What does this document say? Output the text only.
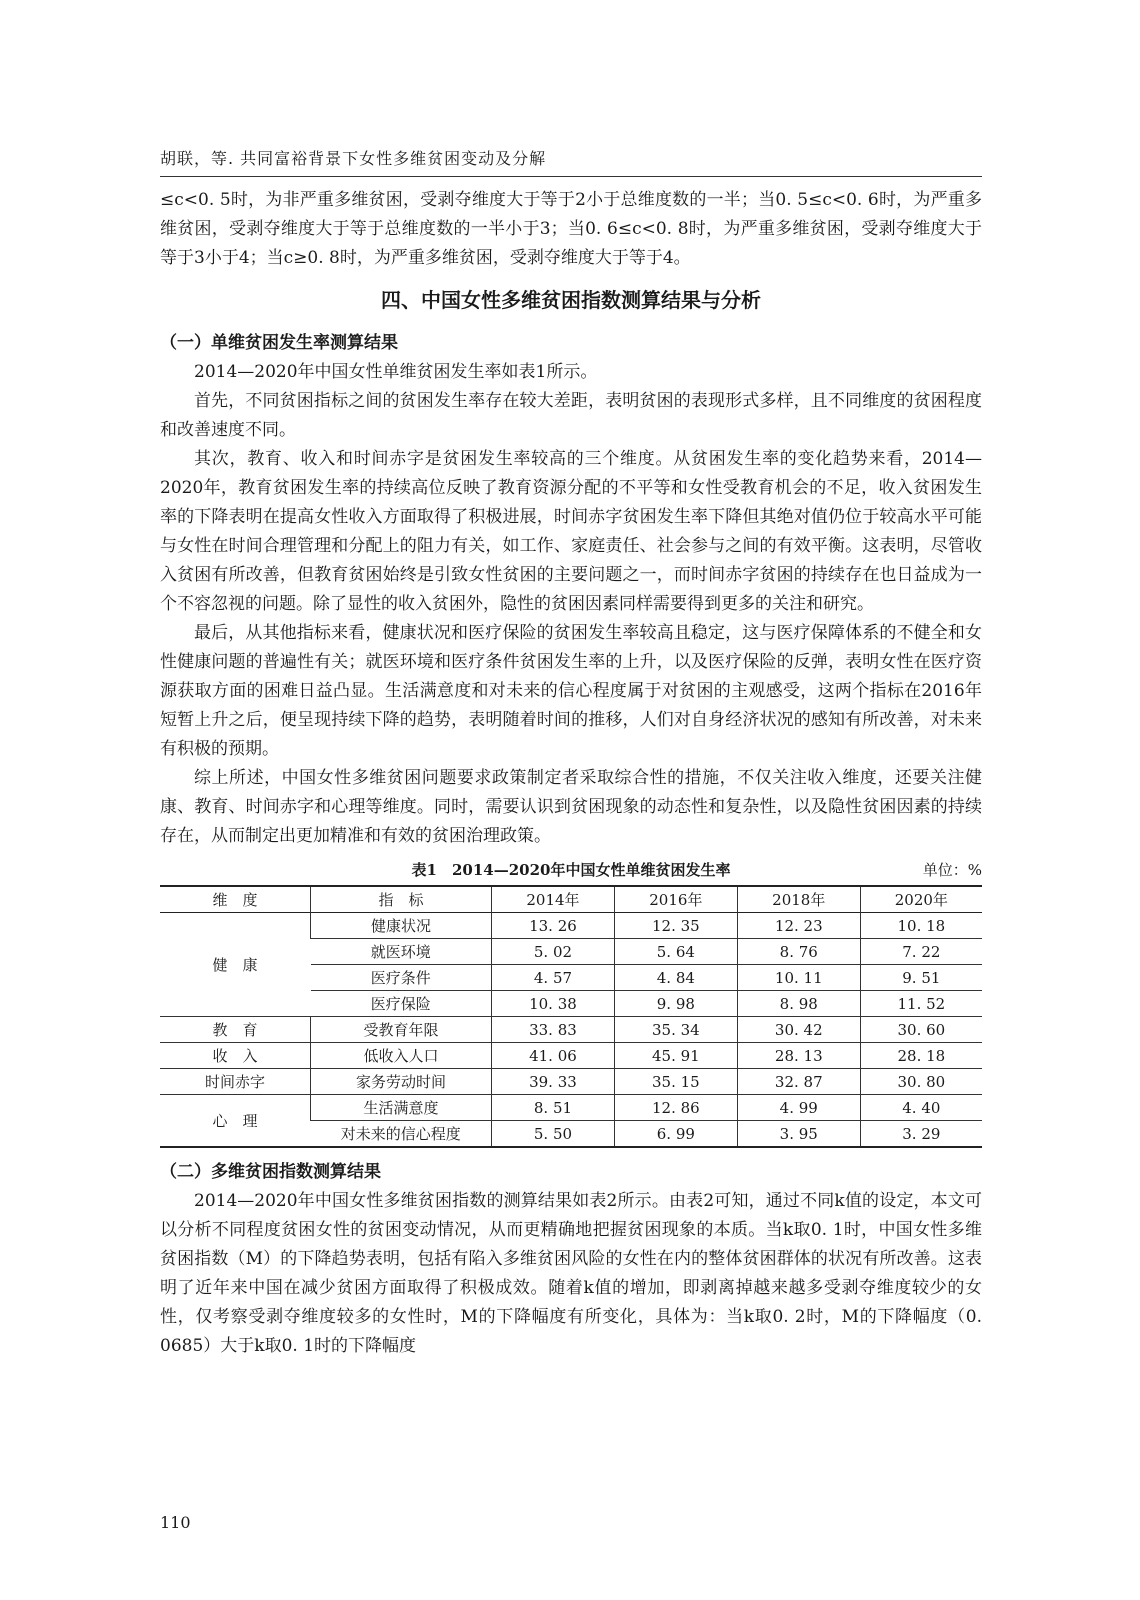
胡联，等. 共同富裕背景下女性多维贫困变动及分解

≤c<0. 5时，为非严重多维贫困，受剥夺维度大于等于2小于总维度数的一半；当0. 5≤c<0. 6时，为严重多维贫困，受剥夺维度大于等于总维度数的一半小于3；当0. 6≤c<0. 8时，为严重多维贫困，受剥夺维度大于等于3小于4；当c≥0. 8时，为严重多维贫困，受剥夺维度大于等于4。

四、中国女性多维贫困指数测算结果与分析
（一）单维贫困发生率测算结果

2014—2020年中国女性单维贫困发生率如表1所示。

首先，不同贫困指标之间的贫困发生率存在较大差距，表明贫困的表现形式多样，且不同维度的贫困程度和改善速度不同。

其次，教育、收入和时间赤字是贫困发生率较高的三个维度。从贫困发生率的变化趋势来看，2014—2020年，教育贫困发生率的持续高位反映了教育资源分配的不平等和女性受教育机会的不足，收入贫困发生率的下降表明在提高女性收入方面取得了积极进展，时间赤字贫困发生率下降但其绝对值仍位于较高水平可能与女性在时间合理管理和分配上的阻力有关，如工作、家庭责任、社会参与之间的有效平衡。这表明，尽管收入贫困有所改善，但教育贫困始终是引致女性贫困的主要问题之一，而时间赤字贫困的持续存在也日益成为一个不容忽视的问题。除了显性的收入贫困外，隐性的贫困因素同样需要得到更多的关注和研究。

最后，从其他指标来看，健康状况和医疗保险的贫困发生率较高且稳定，这与医疗保障体系的不健全和女性健康问题的普遍性有关；就医环境和医疗条件贫困发生率的上升，以及医疗保险的反弹，表明女性在医疗资源获取方面的困难日益凸显。生活满意度和对未来的信心程度属于对贫困的主观感受，这两个指标在2016年短暂上升之后，便呈现持续下降的趋势，表明随着时间的推移，人们对自身经济状况的感知有所改善，对未来有积极的预期。

综上所述，中国女性多维贫困问题要求政策制定者采取综合性的措施，不仅关注收入维度，还要关注健康、教育、时间赤字和心理等维度。同时，需要认识到贫困现象的动态性和复杂性，以及隐性贫困因素的持续存在，从而制定出更加精准和有效的贫困治理政策。

表1　2014—2020年中国女性单维贫困发生率	单位：%
维　度	指　标	2014年	2016年	2018年	2020年
健　康	健康状况	13. 26	12. 35	12. 23	10. 18
	就医环境	5. 02	5. 64	8. 76	7. 22
	医疗条件	4. 57	4. 84	10. 11	9. 51
	医疗保险	10. 38	9. 98	8. 98	11. 52
教　育	受教育年限	33. 83	35. 34	30. 42	30. 60
收　入	低收入人口	41. 06	45. 91	28. 13	28. 18
时间赤字	家务劳动时间	39. 33	35. 15	32. 87	30. 80
心　理	生活满意度	8. 51	12. 86	4. 99	4. 40
	对未来的信心程度	5. 50	6. 99	3. 95	3. 29
（二）多维贫困指数测算结果

2014—2020年中国女性多维贫困指数的测算结果如表2所示。由表2可知，通过不同k值的设定，本文可以分析不同程度贫困女性的贫困变动情况，从而更精确地把握贫困现象的本质。当k取0. 1时，中国女性多维贫困指数（M）的下降趋势表明，包括有陷入多维贫困风险的女性在内的整体贫困群体的状况有所改善。这表明了近年来中国在减少贫困方面取得了积极成效。随着k值的增加，即剥离掉越来越多受剥夺维度较少的女性，仅考察受剥夺维度较多的女性时，M的下降幅度有所变化，具体为：当k取0. 2时，M的下降幅度（0. 0685）大于k取0. 1时的下降幅度

110
